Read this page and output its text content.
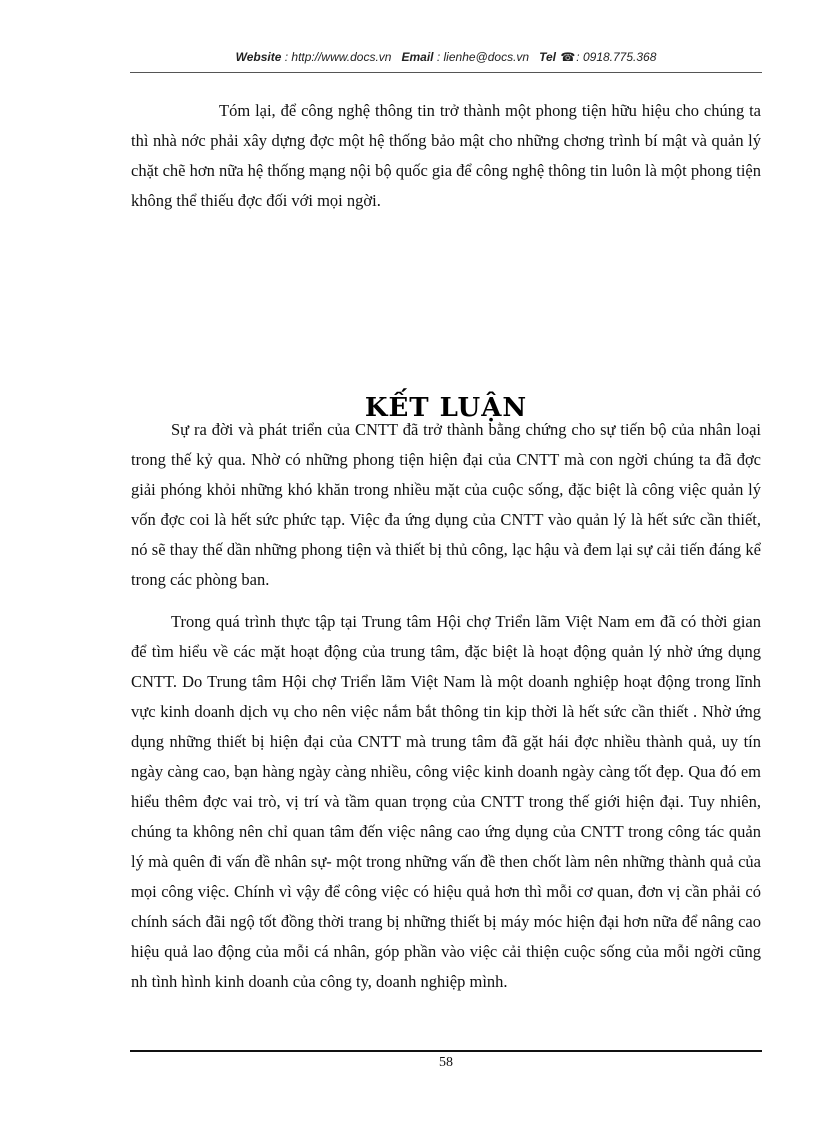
Website : http://www.docs.vn Email : lienhe@docs.vn Tel ☎: 0918.775.368

Tóm lại, để công nghệ thông tin trở thành một phong tiện hữu hiệu cho chúng ta thì nhà nớc phải xây dựng đợc một hệ thống bảo mật cho những chơng trình bí mật và quản lý chặt chẽ hơn nữa hệ thống mạng nội bộ quốc gia để công nghệ thông tin luôn là một phong tiện không thể thiếu đợc đối với mọi ngời.

KẾT LUẬN

Sự ra đời và phát triển của CNTT đã trở thành bằng chứng cho sự tiến bộ của nhân loại trong thế kỷ qua. Nhờ có những phong tiện hiện đại của CNTT mà con ngời chúng ta đã đợc giải phóng khỏi những khó khăn trong nhiều mặt của cuộc sống, đặc biệt là công việc quản lý vốn đợc coi là hết sức phức tạp. Việc đa ứng dụng của CNTT vào quản lý là hết sức cần thiết, nó sẽ thay thế dần những phong tiện và thiết bị thủ công, lạc hậu và đem lại sự cải tiến đáng kể trong các phòng ban.

Trong quá trình thực tập tại Trung tâm Hội chợ Triển lãm Việt Nam em đã có thời gian để tìm hiểu về các mặt hoạt động của trung tâm, đặc biệt là hoạt động quản lý nhờ ứng dụng CNTT. Do Trung tâm Hội chợ Triển lãm Việt Nam là một doanh nghiệp hoạt động trong lĩnh vực kinh doanh dịch vụ cho nên việc nắm bắt thông tin kịp thời là hết sức cần thiết . Nhờ ứng dụng những thiết bị hiện đại của CNTT mà trung tâm đã gặt hái đợc nhiều thành quả, uy tín ngày càng cao, bạn hàng ngày càng nhiều, công việc kinh doanh ngày càng tốt đẹp. Qua đó em hiểu thêm đợc vai trò, vị trí và tầm quan trọng của CNTT trong thế giới hiện đại. Tuy nhiên, chúng ta không nên chỉ quan tâm đến việc nâng cao ứng dụng của CNTT trong công tác quản lý mà quên đi vấn đề nhân sự- một trong những vấn đề then chốt làm nên những thành quả của mọi công việc. Chính vì vậy để công việc có hiệu quả hơn thì mỗi cơ quan, đơn vị cần phải có chính sách đãi ngộ tốt đồng thời trang bị những thiết bị máy móc hiện đại hơn nữa để nâng cao hiệu quả lao động của mỗi cá nhân, góp phần vào việc cải thiện cuộc sống của mỗi ngời cũng nh tình hình kinh doanh của công ty, doanh nghiệp mình.

58
